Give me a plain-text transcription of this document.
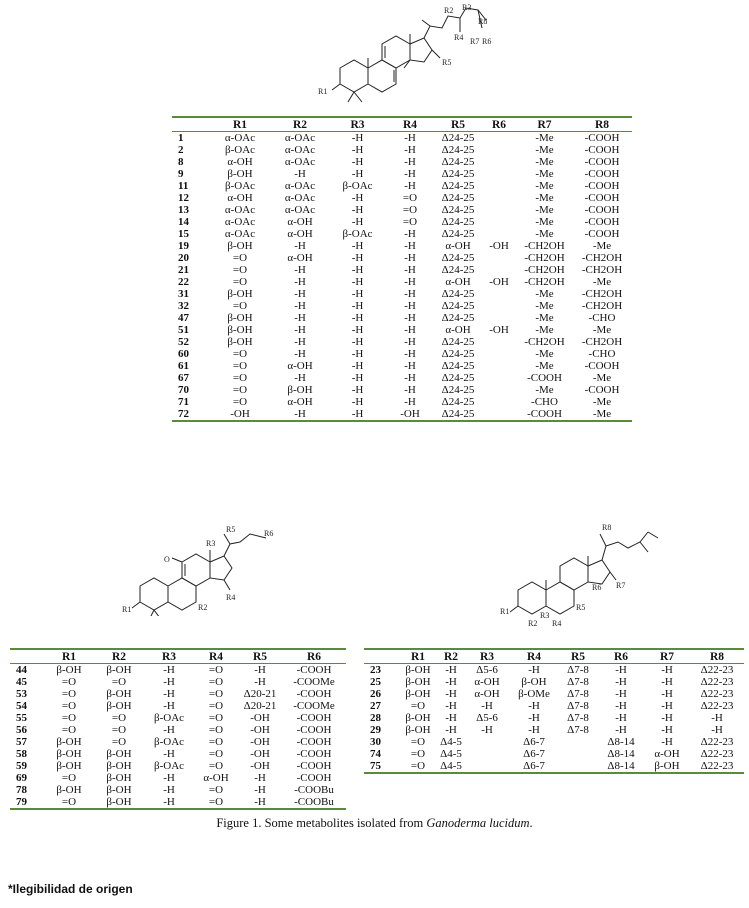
R2 R3
R4
R5
R6
R7
R8
R1
	R1	R2	R3	R4	R5	R6	R7	R8
1	α-OAc	α-OAc	-H	-H	Δ24-25		-Me	-COOH
2	β-OAc	α-OAc	-H	-H	Δ24-25		-Me	-COOH
8	α-OH	α-OAc	-H	-H	Δ24-25		-Me	-COOH
9	β-OH	-H	-H	-H	Δ24-25		-Me	-COOH
11	β-OAc	α-OAc	β-OAc	-H	Δ24-25		-Me	-COOH
12	α-OH	α-OAc	-H	=O	Δ24-25		-Me	-COOH
13	α-OAc	α-OAc	-H	=O	Δ24-25		-Me	-COOH
14	α-OAc	α-OH	-H	=O	Δ24-25		-Me	-COOH
15	α-OAc	α-OH	β-OAc	-H	Δ24-25		-Me	-COOH
19	β-OH	-H	-H	-H	α-OH	-OH	-CH2OH	-Me
20	=O	α-OH	-H	-H	Δ24-25		-CH2OH	-CH2OH
21	=O	-H	-H	-H	Δ24-25		-CH2OH	-CH2OH
22	=O	-H	-H	-H	α-OH	-OH	-CH2OH	-Me
31	β-OH	-H	-H	-H	Δ24-25		-Me	-CH2OH
32	=O	-H	-H	-H	Δ24-25		-Me	-CH2OH
47	β-OH	-H	-H	-H	Δ24-25		-Me	-CHO
51	β-OH	-H	-H	-H	α-OH	-OH	-Me	-Me
52	β-OH	-H	-H	-H	Δ24-25		-CH2OH	-CH2OH
60	=O	-H	-H	-H	Δ24-25		-Me	-CHO
61	=O	α-OH	-H	-H	Δ24-25		-Me	-COOH
67	=O	-H	-H	-H	Δ24-25		-COOH	-Me
70	=O	β-OH	-H	-H	Δ24-25		-Me	-COOH
71	=O	α-OH	-H	-H	Δ24-25		-CHO	-Me
72	-OH	-H	-H	-OH	Δ24-25		-COOH	-Me
O
R3
R5	R6
R1	R2
R4
R8
R1
R2
R3
R4
R5
R6 R7
	R1	R2	R3	R4	R5	R6
44	β-OH	β-OH	-H	=O	-H	-COOH
45	=O	=O	-H	=O	-H	-COOMe
53	=O	β-OH	-H	=O	Δ20-21	-COOH
54	=O	β-OH	-H	=O	Δ20-21	-COOMe
55	=O	=O	β-OAc	=O	-OH	-COOH
56	=O	=O	-H	=O	-OH	-COOH
57	β-OH	=O	β-OAc	=O	-OH	-COOH
58	β-OH	β-OH	-H	=O	-OH	-COOH
59	β-OH	β-OH	β-OAc	=O	-OH	-COOH
69	=O	β-OH	-H	α-OH	-H	-COOH
78	β-OH	β-OH	-H	=O	-H	-COOBu
79	=O	β-OH	-H	=O	-H	-COOBu
	R1	R2	R3	R4	R5	R6	R7	R8
23	β-OH	-H	Δ5-6	-H	Δ7-8	-H	-H	Δ22-23
25	β-OH	-H	α-OH	β-OH	Δ7-8	-H	-H	Δ22-23
26	β-OH	-H	α-OH	β-OMe	Δ7-8	-H	-H	Δ22-23
27	=O	-H	-H	-H	Δ7-8	-H	-H	Δ22-23
28	β-OH	-H	Δ5-6	-H	Δ7-8	-H	-H	-H
29	β-OH	-H	-H	-H	Δ7-8	-H	-H	-H
30	=O	Δ4-5		Δ6-7		Δ8-14	-H	Δ22-23
74	=O	Δ4-5		Δ6-7		Δ8-14	α-OH	Δ22-23
75	=O	Δ4-5		Δ6-7		Δ8-14	β-OH	Δ22-23
Figure 1. Some metabolites isolated from Ganoderma lucidum.
*Ilegibilidad de origen
